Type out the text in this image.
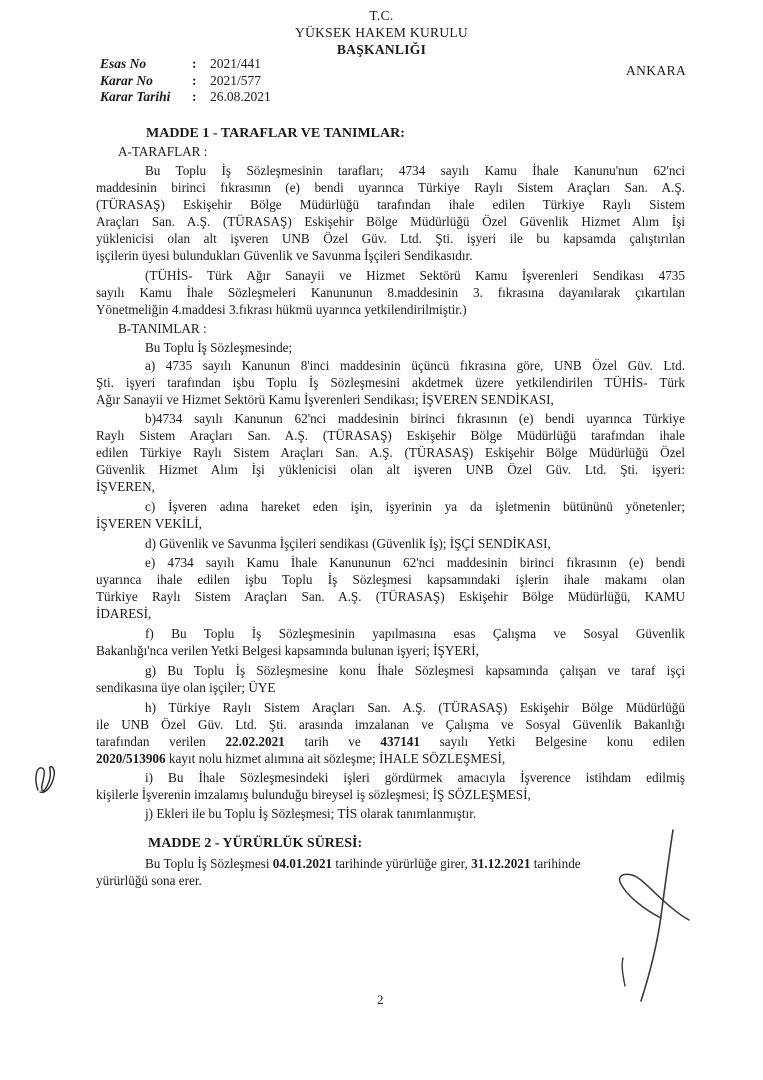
T.C.
YÜKSEK HAKEM KURULU
BAŞKANLIĞI
Esas No	:	2021/441
Karar No	:	2021/577
Karar Tarihi	:	26.08.2021
ANKARA
MADDE 1 - TARAFLAR VE TANIMLAR:
A-TARAFLAR :
Bu Toplu İş Sözleşmesinin tarafları; 4734 sayılı Kamu İhale Kanunu'nun 62'nci
maddesinin birinci fıkrasının (e) bendi uyarınca Türkiye Raylı Sistem Araçları San. A.Ş.
(TÜRASAŞ) Eskişehir Bölge Müdürlüğü tarafından ihale edilen Türkiye Raylı Sistem
Araçları San. A.Ş. (TÜRASAŞ) Eskişehir Bölge Müdürlüğü Özel Güvenlik Hizmet Alım İşi
yüklenicisi olan alt işveren UNB Özel Güv. Ltd. Şti. işyeri ile bu kapsamda çalıştırılan
işçilerin üyesi bulundukları Güvenlik ve Savunma İşçileri Sendikasıdır.
(TÜHİS- Türk Ağır Sanayii ve Hizmet Sektörü Kamu İşverenleri Sendikası 4735
sayılı Kamu İhale Sözleşmeleri Kanununun 8.maddesinin 3. fıkrasına dayanılarak çıkartılan
Yönetmeliğin 4.maddesi 3.fıkrası hükmü uyarınca yetkilendirilmiştir.)
B-TANIMLAR :
Bu Toplu İş Sözleşmesinde;
a) 4735 sayılı Kanunun 8'inci maddesinin üçüncü fıkrasına göre, UNB Özel Güv. Ltd.
Şti. işyeri tarafından işbu Toplu İş Sözleşmesini akdetmek üzere yetkilendirilen TÜHİS- Türk
Ağır Sanayii ve Hizmet Sektörü Kamu İşverenleri Sendikası; İŞVEREN SENDİKASI,
b)4734 sayılı Kanunun 62'nci maddesinin birinci fıkrasının (e) bendi uyarınca Türkiye
Raylı Sistem Araçları San. A.Ş. (TÜRASAŞ) Eskişehir Bölge Müdürlüğü tarafından ihale
edilen Türkiye Raylı Sistem Araçları San. A.Ş. (TÜRASAŞ) Eskişehir Bölge Müdürlüğü Özel
Güvenlik Hizmet Alım İşi yüklenicisi olan alt işveren UNB Özel Güv. Ltd. Şti. işyeri:
İŞVEREN,
c) İşveren adına hareket eden işin, işyerinin ya da işletmenin bütününü yönetenler;
İŞVEREN VEKİLİ,
d) Güvenlik ve Savunma İşçileri sendikası (Güvenlik İş); İŞÇİ SENDİKASI,
e) 4734 sayılı Kamu İhale Kanununun 62'nci maddesinin birinci fıkrasının (e) bendi
uyarınca ihale edilen işbu Toplu İş Sözleşmesi kapsamındaki işlerin ihale makamı olan
Türkiye Raylı Sistem Araçları San. A.Ş. (TÜRASAŞ) Eskişehir Bölge Müdürlüğü, KAMU
İDARESİ,
f) Bu Toplu İş Sözleşmesinin yapılmasına esas Çalışma ve Sosyal Güvenlik
Bakanlığı'nca verilen Yetki Belgesi kapsamında bulunan işyeri; İŞYERİ,
g) Bu Toplu İş Sözleşmesine konu İhale Sözleşmesi kapsamında çalışan ve taraf işçi
sendikasına üye olan işçiler; ÜYE
h) Türkiye Raylı Sistem Araçları San. A.Ş. (TÜRASAŞ) Eskişehir Bölge Müdürlüğü
ile UNB Özel Güv. Ltd. Şti. arasında imzalanan ve Çalışma ve Sosyal Güvenlik Bakanlığı
tarafından verilen 22.02.2021 tarih ve 437141 sayılı Yetki Belgesine konu edilen
2020/513906 kayıt nolu hizmet alımına ait sözleşme; İHALE SÖZLEŞMESİ,
i) Bu İhale Sözleşmesindeki işleri gördürmek amacıyla İşverence istihdam edilmiş
kişilerle İşverenin imzalamış bulunduğu bireysel iş sözleşmesi; İŞ SÖZLEŞMESİ,
j) Ekleri ile bu Toplu İş Sözleşmesi; TİS olarak tanımlanmıştır.
MADDE 2 - YÜRÜRLÜK SÜRESİ:
Bu Toplu İş Sözleşmesi 04.01.2021 tarihinde yürürlüğe girer, 31.12.2021 tarihinde
yürürlüğü sona erer.
2
